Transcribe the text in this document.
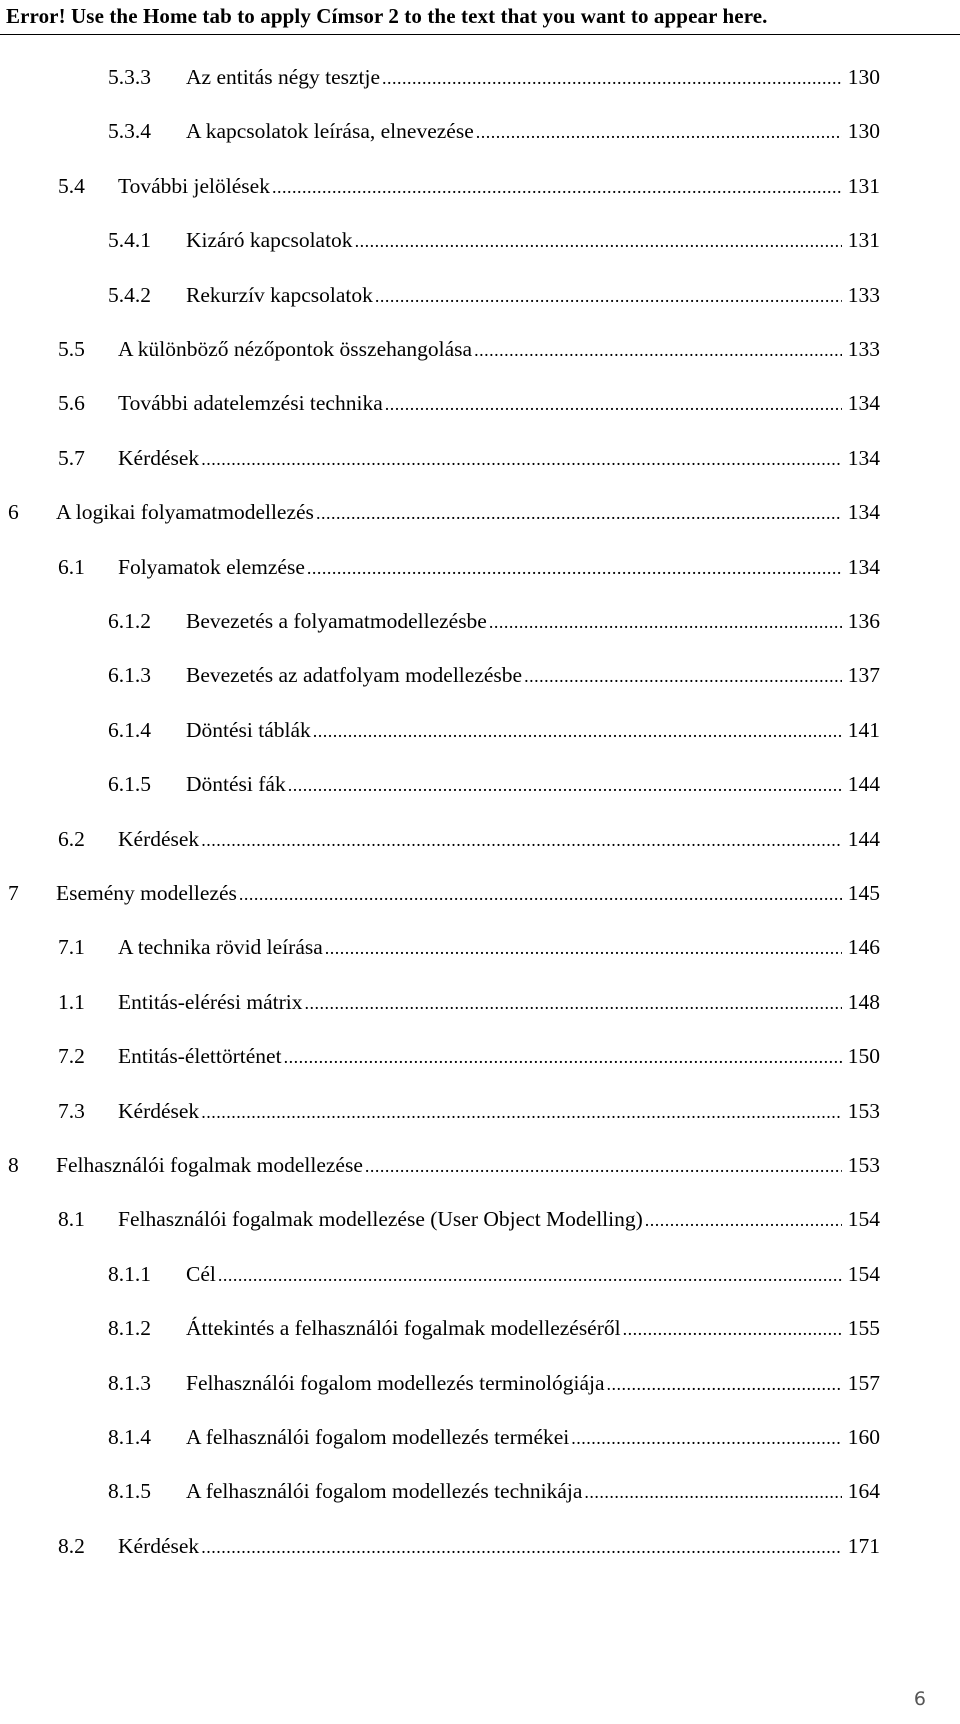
Error! Use the Home tab to apply Címsor 2 to the text that you want to appear here.
5.3.3	Az entitás négy tesztje .....	130
5.3.4	A kapcsolatok leírása, elnevezése .....	130
5.4	További jelölések .....	131
5.4.1	Kizáró kapcsolatok .....	131
5.4.2	Rekurzív kapcsolatok .....	133
5.5	A különböző nézőpontok összehangolása .....	133
5.6	További adatelemzési technika .....	134
5.7	Kérdések .....	134
6	A logikai folyamatmodellezés .....	134
6.1	Folyamatok elemzése .....	134
6.1.2	Bevezetés a folyamatmodellezésbe .....	136
6.1.3	Bevezetés az adatfolyam modellezésbe .....	137
6.1.4	Döntési táblák .....	141
6.1.5	Döntési fák .....	144
6.2	Kérdések .....	144
7	Esemény modellezés .....	145
7.1	A technika rövid leírása .....	146
1.1	Entitás-elérési mátrix .....	148
7.2	Entitás-élettörténet .....	150
7.3	Kérdések .....	153
8	Felhasználói fogalmak modellezése .....	153
8.1	Felhasználói fogalmak modellezése (User Object Modelling) .....	154
8.1.1	Cél .....	154
8.1.2	Áttekintés a felhasználói fogalmak modellezéséről .....	155
8.1.3	Felhasználói fogalom modellezés terminológiája .....	157
8.1.4	A felhasználói fogalom modellezés termékei .....	160
8.1.5	A felhasználói fogalom modellezés technikája .....	164
8.2	Kérdések .....	171
6
